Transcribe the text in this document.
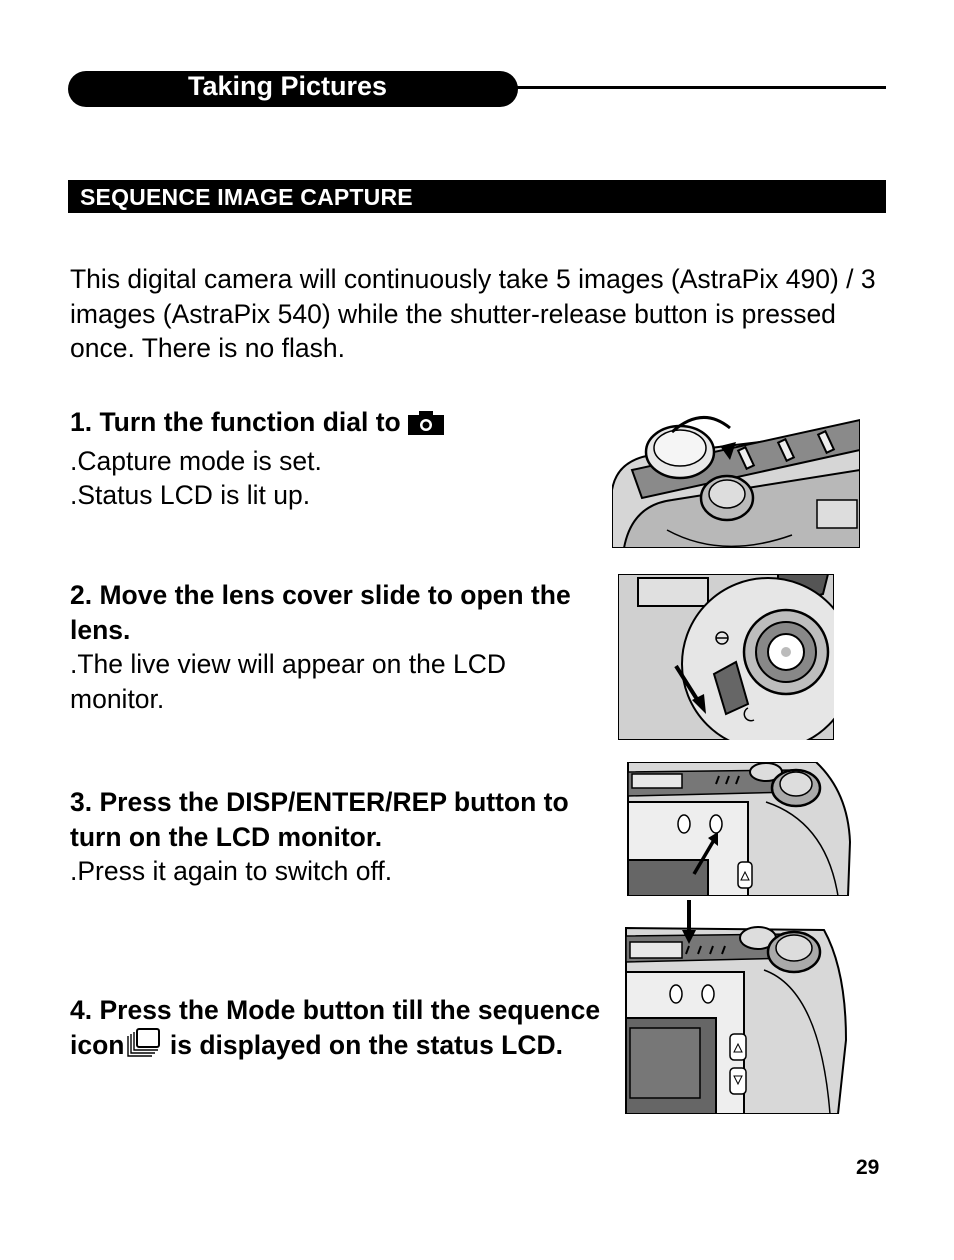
Taking Pictures
SEQUENCE IMAGE CAPTURE
This digital camera will continuously take 5 images (AstraPix 490) / 3 images (AstraPix 540) while the shutter-release button is pressed once. There is no flash.

1. Turn the function dial to

.Capture mode is set.

.Status LCD is lit up.

2. Move the lens cover slide to open the lens.

.The live view will appear on the LCD monitor.

3. Press the DISP/ENTER/REP button to turn on the LCD monitor.

.Press it again to switch off.

4. Press the Mode button till the sequence icon is displayed on the status LCD.

29
